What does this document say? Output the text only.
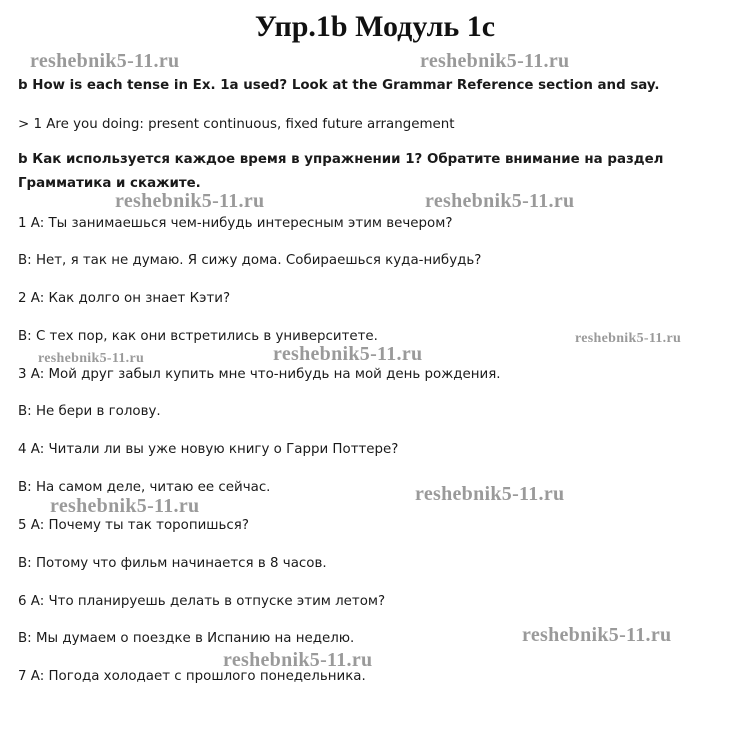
Упр.1b Модуль 1c

b How is each tense in Ex. 1a used? Look at the Grammar Reference section and say.

> 1 Are you doing: present continuous, fixed future arrangement

b Как используется каждое время в упражнении 1? Обратите внимание на раздел Грамматика и скажите.

1 A: Ты занимаешься чем-нибудь интересным этим вечером?

B: Нет, я так не думаю. Я сижу дома. Собираешься куда-нибудь?

2 A: Как долго он знает Кэти?

B: С тех пор, как они встретились в университете.

3 A: Мой друг забыл купить мне что-нибудь на мой день рождения.

B: Не бери в голову.

4 A: Читали ли вы уже новую книгу о Гарри Поттере?

B: На самом деле, читаю ее сейчас.

5 A: Почему ты так торопишься?

B: Потому что фильм начинается в 8 часов.

6 A: Что планируешь делать в отпуске этим летом?

B: Мы думаем о поездке в Испанию на неделю.

7 A: Погода холодает с прошлого понедельника.

reshebnik5-11.ru	reshebnik5-11.ru
reshebnik5-11.ru	reshebnik5-11.ru
reshebnik5-11.ru
reshebnik5-11.ru	reshebnik5-11.ru
reshebnik5-11.ru
reshebnik5-11.ru
reshebnik5-11.ru
reshebnik5-11.ru
